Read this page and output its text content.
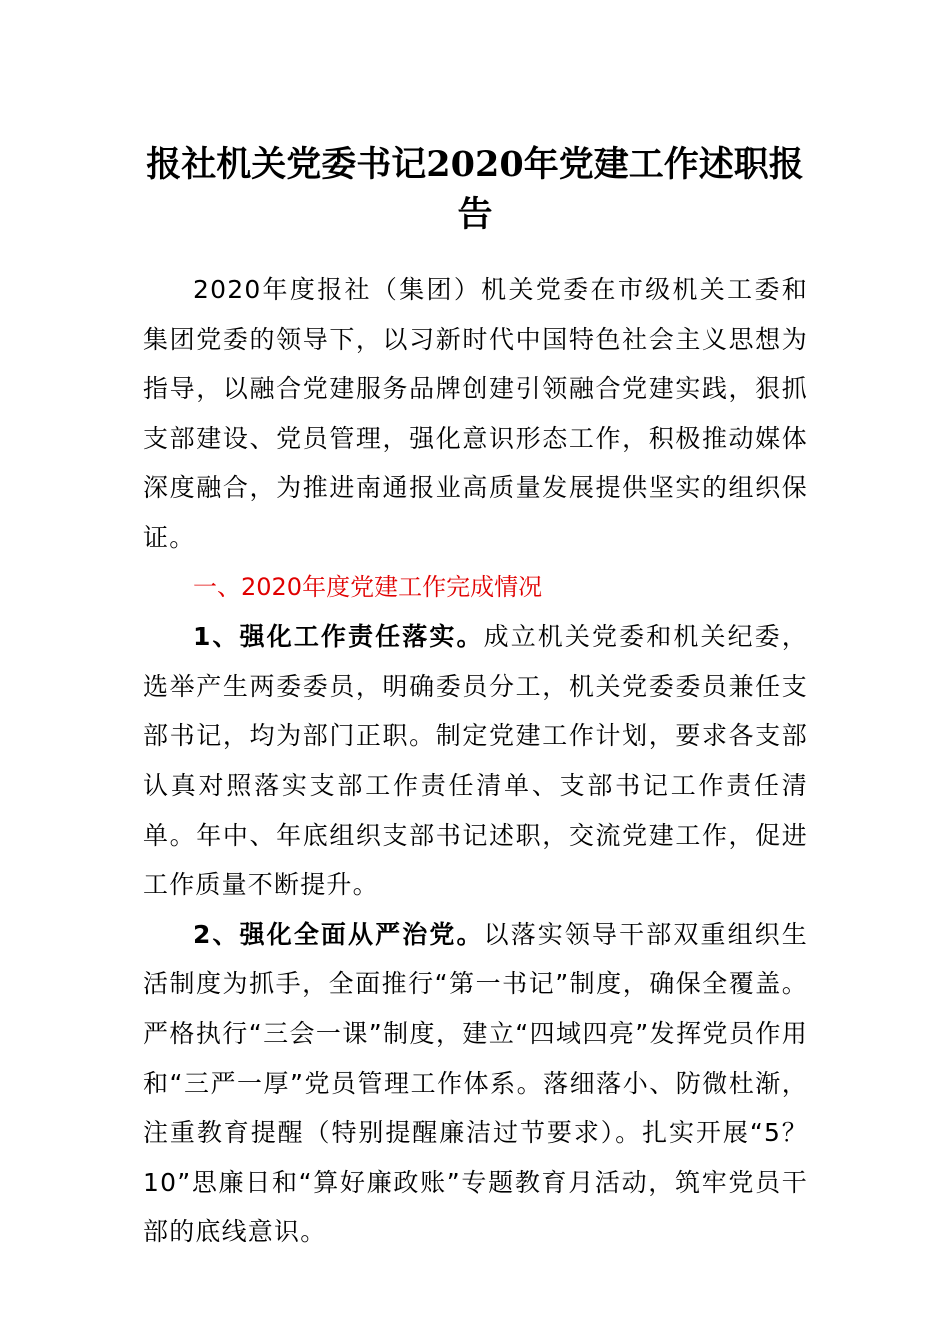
报社机关党委书记2020年党建工作述职报告

2020年度报社（集团）机关党委在市级机关工委和集团党委的领导下，以习新时代中国特色社会主义思想为指导，以融合党建服务品牌创建引领融合党建实践，狠抓支部建设、党员管理，强化意识形态工作，积极推动媒体深度融合，为推进南通报业高质量发展提供坚实的组织保证。

一、2020年度党建工作完成情况

1、强化工作责任落实。成立机关党委和机关纪委，选举产生两委委员，明确委员分工，机关党委委员兼任支部书记，均为部门正职。制定党建工作计划，要求各支部认真对照落实支部工作责任清单、支部书记工作责任清单。年中、年底组织支部书记述职，交流党建工作，促进工作质量不断提升。

2、强化全面从严治党。以落实领导干部双重组织生活制度为抓手，全面推行“第一书记”制度，确保全覆盖。严格执行“三会一课”制度，建立“四域四亮”发挥党员作用和“三严一厚”党员管理工作体系。落细落小、防微杜渐，注重教育提醒（特别提醒廉洁过节要求）。扎实开展“5？10”思廉日和“算好廉政账”专题教育月活动，筑牢党员干部的底线意识。
